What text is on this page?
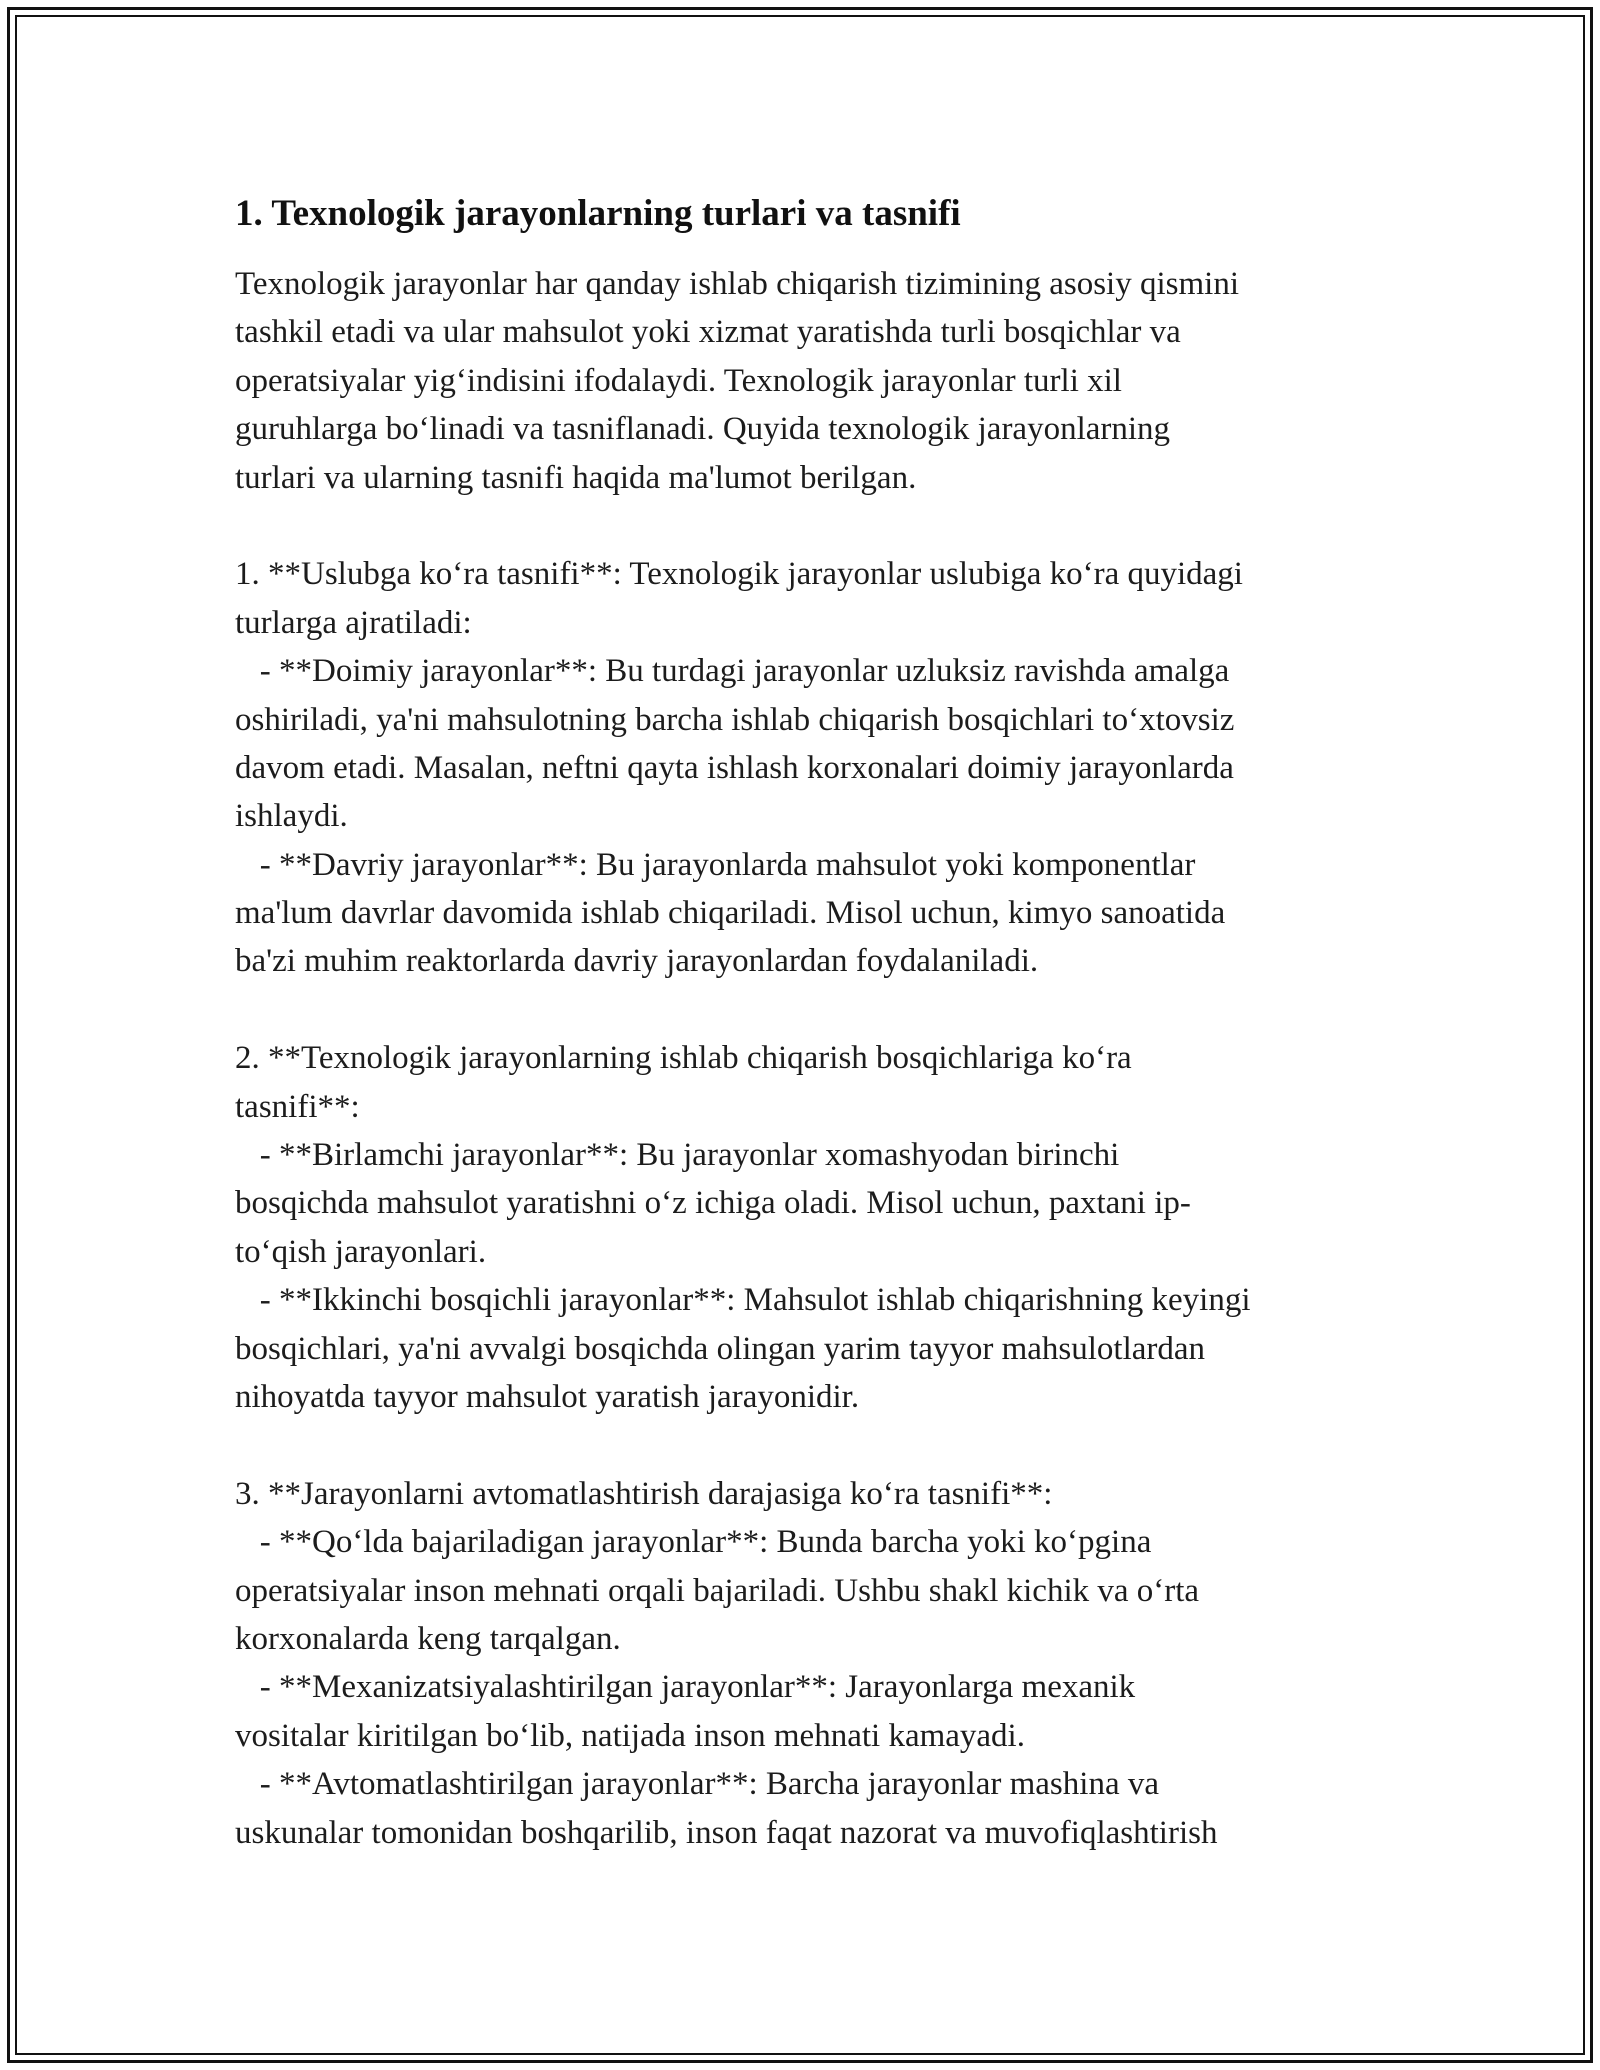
1. Texnologik jarayonlarning turlari va tasnifi
Texnologik jarayonlar har qanday ishlab chiqarish tizimining asosiy qismini
tashkil etadi va ular mahsulot yoki xizmat yaratishda turli bosqichlar va
operatsiyalar yig‘indisini ifodalaydi. Texnologik jarayonlar turli xil
guruhlarga bo‘linadi va tasniflanadi. Quyida texnologik jarayonlarning
turlari va ularning tasnifi haqida ma'lumot berilgan.
1. **Uslubga ko‘ra tasnifi**: Texnologik jarayonlar uslubiga ko‘ra quyidagi
turlarga ajratiladi:
- **Doimiy jarayonlar**: Bu turdagi jarayonlar uzluksiz ravishda amalga
oshiriladi, ya'ni mahsulotning barcha ishlab chiqarish bosqichlari to‘xtovsiz
davom etadi. Masalan, neftni qayta ishlash korxonalari doimiy jarayonlarda
ishlaydi.
- **Davriy jarayonlar**: Bu jarayonlarda mahsulot yoki komponentlar
ma'lum davrlar davomida ishlab chiqariladi. Misol uchun, kimyo sanoatida
ba'zi muhim reaktorlarda davriy jarayonlardan foydalaniladi.
2. **Texnologik jarayonlarning ishlab chiqarish bosqichlariga ko‘ra
tasnifi**:
- **Birlamchi jarayonlar**: Bu jarayonlar xomashyodan birinchi
bosqichda mahsulot yaratishni o‘z ichiga oladi. Misol uchun, paxtani ip-
to‘qish jarayonlari.
- **Ikkinchi bosqichli jarayonlar**: Mahsulot ishlab chiqarishning keyingi
bosqichlari, ya'ni avvalgi bosqichda olingan yarim tayyor mahsulotlardan
nihoyatda tayyor mahsulot yaratish jarayonidir.
3. **Jarayonlarni avtomatlashtirish darajasiga ko‘ra tasnifi**:
- **Qo‘lda bajariladigan jarayonlar**: Bunda barcha yoki ko‘pgina
operatsiyalar inson mehnati orqali bajariladi. Ushbu shakl kichik va o‘rta
korxonalarda keng tarqalgan.
- **Mexanizatsiyalashtirilgan jarayonlar**: Jarayonlarga mexanik
vositalar kiritilgan bo‘lib, natijada inson mehnati kamayadi.
- **Avtomatlashtirilgan jarayonlar**: Barcha jarayonlar mashina va
uskunalar tomonidan boshqarilib, inson faqat nazorat va muvofiqlashtirish
